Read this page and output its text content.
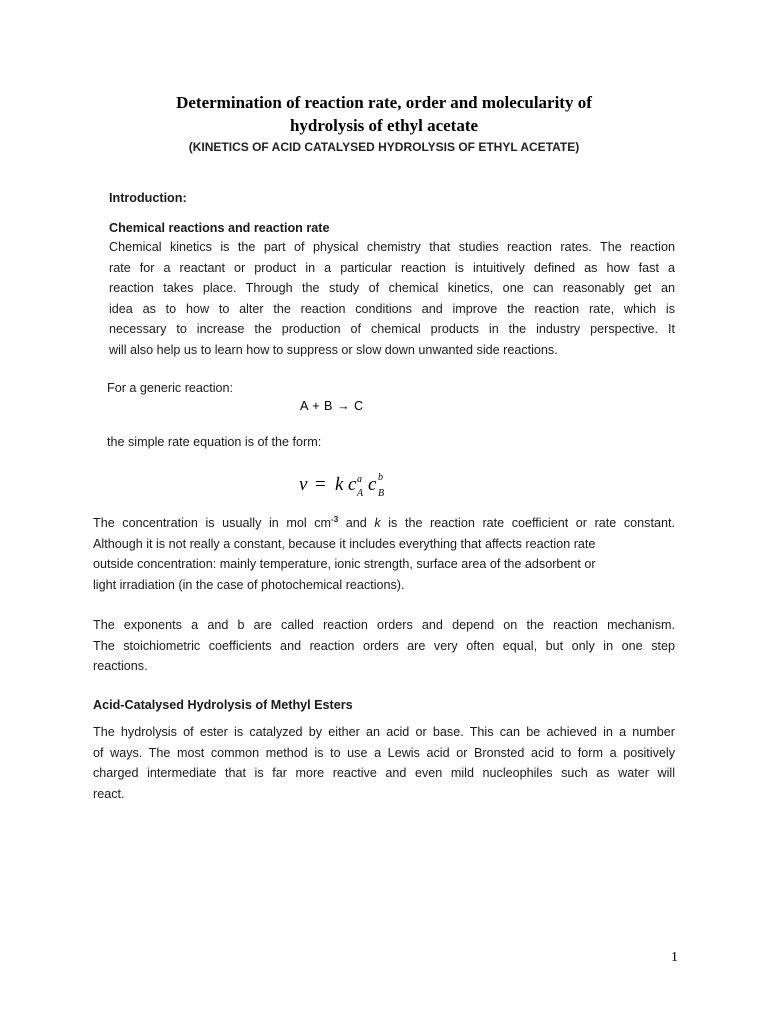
Determination of reaction rate, order and molecularity of
hydrolysis of ethyl acetate
(KINETICS OF ACID CATALYSED HYDROLYSIS OF ETHYL ACETATE)
Introduction:
Chemical reactions and reaction rate
Chemical kinetics is the part of physical chemistry that studies reaction rates. The reaction
rate for a reactant or product in a particular reaction is intuitively defined as how fast a
reaction takes place. Through the study of chemical kinetics, one can reasonably get an
idea as to how to alter the reaction conditions and improve the reaction rate, which is
necessary to increase the production of chemical products in the industry perspective. It
will also help us to learn how to suppress or slow down unwanted side reactions.
For a generic reaction:
A + B → C
the simple rate equation is of the form:
v = k c a
A c b
B
The concentration is usually in mol $cm^{-3}$ and k is the reaction rate coefficient or rate constant.
Although it is not really a constant, because it includes everything that affects reaction rate
outside concentration: mainly temperature, ionic strength, surface area of the adsorbent or
light irradiation (in the case of photochemical reactions).
The exponents a and b are called reaction orders and depend on the reaction mechanism.
The stoichiometric coefficients and reaction orders are very often equal, but only in one step
reactions.
Acid-Catalysed Hydrolysis of Methyl Esters
The hydrolysis of ester is catalyzed by either an acid or base. This can be achieved in a number
of ways. The most common method is to use a Lewis acid or Bronsted acid to form a positively
charged intermediate that is far more reactive and even mild nucleophiles such as water will
react.
1
